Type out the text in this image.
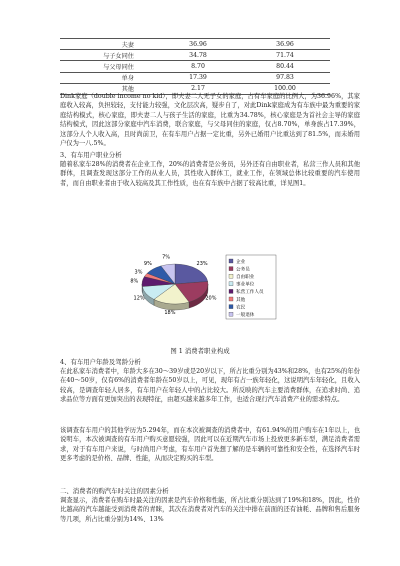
夫妻	36.96	36.96
与子女同住	34.78	71.74
与父母同住	8.70	80.44
单身	17.39	97.83
其他	2.17	100.00

Dink家庭（double income no kid），即夫妻二人无子女的家庭，占有车家庭的比例大，为36.96%，其家庭收入较高，负担较轻，支付能力较强，文化层次高，疑步自了，对此Dink家庭成为有车族中最为重要的家庭结构模式，核心家庭，即夫妻二人与孩子生活的家庭，比重为34.78%，核心家庭是为首社会主导的家庭结构模式，因此这部分家庭中汽车消费，联合家庭，与父母同住的家庭，仅占8.70%，单身族占17.39%，这部分人个人收入高，且时尚前卫，在有车用户占据一定比重，另外已婚用户比重达到了81.5%，而未婚用户仅为一八.5%。

3、有车用户职业分析

随着私家车28%的消费者在企业工作，20%的消费者是公务员，另外还有自由职业者，私营三作人员和其他群体，且调查发现这部分工作的从业人员，其性收入群体工，就业工作，在领域总体比较重要的汽车使用者，而自由职业者由于收入较高及其工作性质，也在有车族中占据了较高比重，详见图1。

23%
20%
18%
12%
8%
3%
9%
7%
企业
公务员
自由职业
事业单位
私营工作人员
其他
农民
一般退休

图 1 消费者职业构成

4、有车用户年龄及驾龄分析

在此私家车消费者中，年龄大多在30～39岁或是20岁以下，所占比重分别为43%和28%，也有25%的年份在40～50岁，仅有6%的消费者年龄在50岁以上，可见，现年有占一族年轻化，这说明汽车年轻化，且收入较高，是调查年轻人居多，有车用户在年轻人中的占比较大。所反映的汽车主要消费群体，在追求时尚、追求品位等方面有更加突出的表现特征，由超买越来越多年工作，也适合现行汽车消费产业的需求特点。

该调查有车用户的其他学历为5.294年，而在本次被调查的消费者中，有61.94%的用户购车在1年以上，也说明车，本次被调查的有车用户购买意愿较强，因此可以在近期汽车市场上投放更多新车型，满足消费者需求，对于有车用户来说，与时尚用户考虑，有车用户首先想了解的是车辆的可靠性和安全性，在选择汽车时更多考虑的是价格、品牌、性能，从而决定购买的车型。

二、消费者的购汽车时关注的因素分析

调查显示，消费者在购车时最关注的因素是汽车价格和性能，所占比重分别达到了19%和18%，因此，性价比越高的汽车越能受到消费者的青睐，其次在消费者对汽车的关注中排在前面的还有油耗、品牌和售后服务等几项，所占比重分别为14%、13%
